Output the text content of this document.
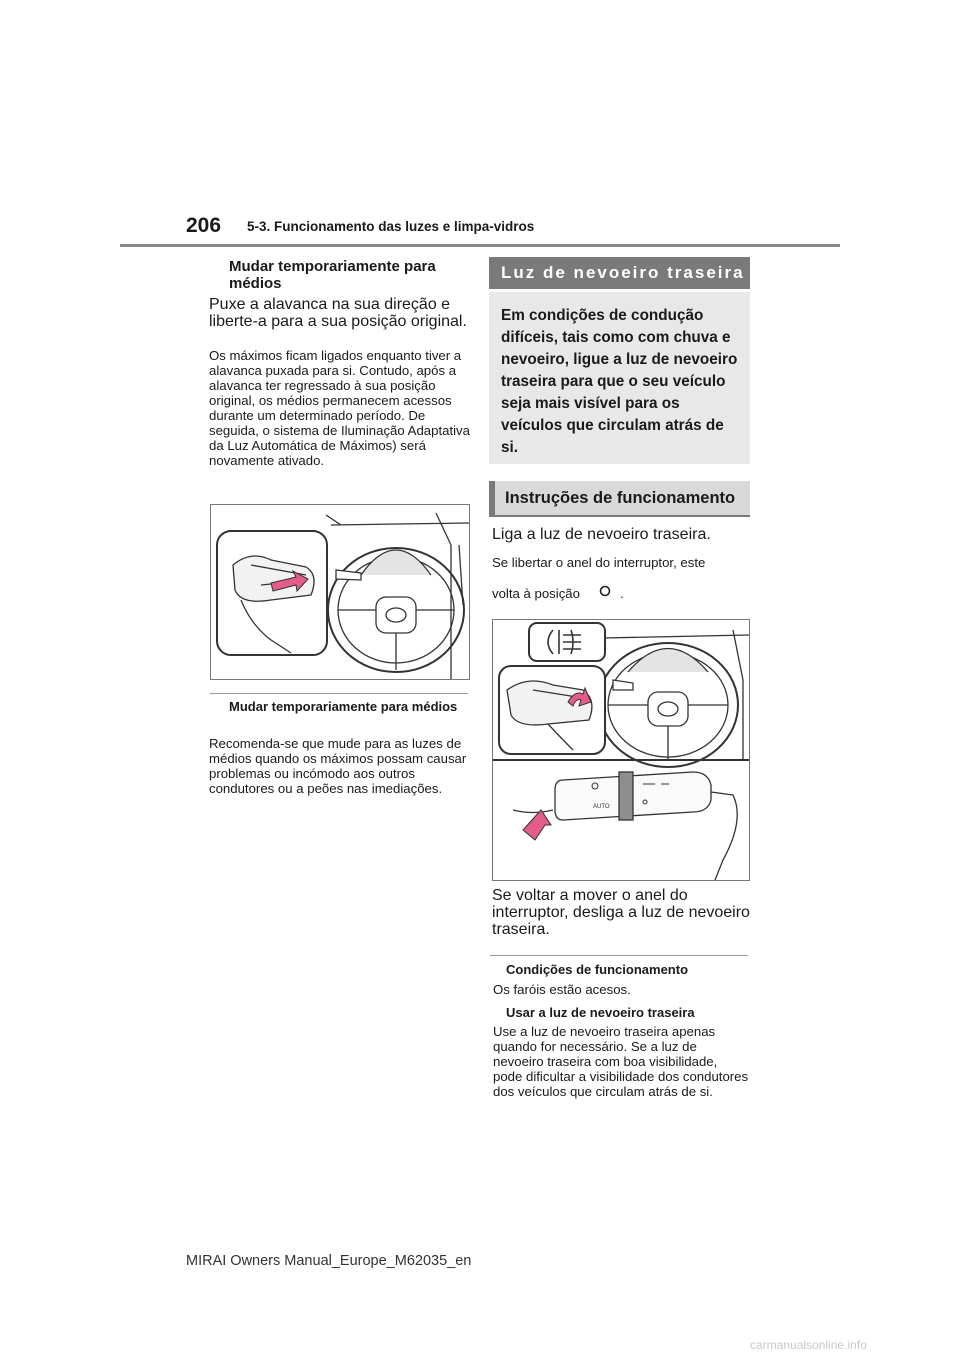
206 5-3. Funcionamento das luzes e limpa-vidros
Mudar temporariamente para médios
Puxe a alavanca na sua direção e liberte-a para a sua posição original.
Os máximos ficam ligados enquanto tiver a alavanca puxada para si. Contudo, após a alavanca ter regressado à sua posição original, os médios permanecem acessos durante um determinado período. De seguida, o sistema de Iluminação Adaptativa da Luz Automática de Máximos) será novamente ativado.
Mudar temporariamente para médios
Recomenda-se que mude para as luzes de médios quando os máximos possam causar problemas ou incómodo aos outros condutores ou a peões nas imediações.
Luz de nevoeiro traseira
Em condições de condução difíceis, tais como com chuva e nevoeiro, ligue a luz de nevoeiro traseira para que o seu veículo seja mais visível para os veículos que circulam atrás de si.
Instruções de funcionamento
Liga a luz de nevoeiro traseira.
Se libertar o anel do interruptor, este
volta à posição	.
AUTO
Se voltar a mover o anel do interruptor, desliga a luz de nevoeiro traseira.
Condições de funcionamento
Os faróis estão acesos.
Usar a luz de nevoeiro traseira
Use a luz de nevoeiro traseira apenas quando for necessário. Se a luz de nevoeiro traseira com boa visibilidade, pode dificultar a visibilidade dos condutores dos veículos que circulam atrás de si.
MIRAI Owners Manual_Europe_M62035_en
carmanualsonline.info
